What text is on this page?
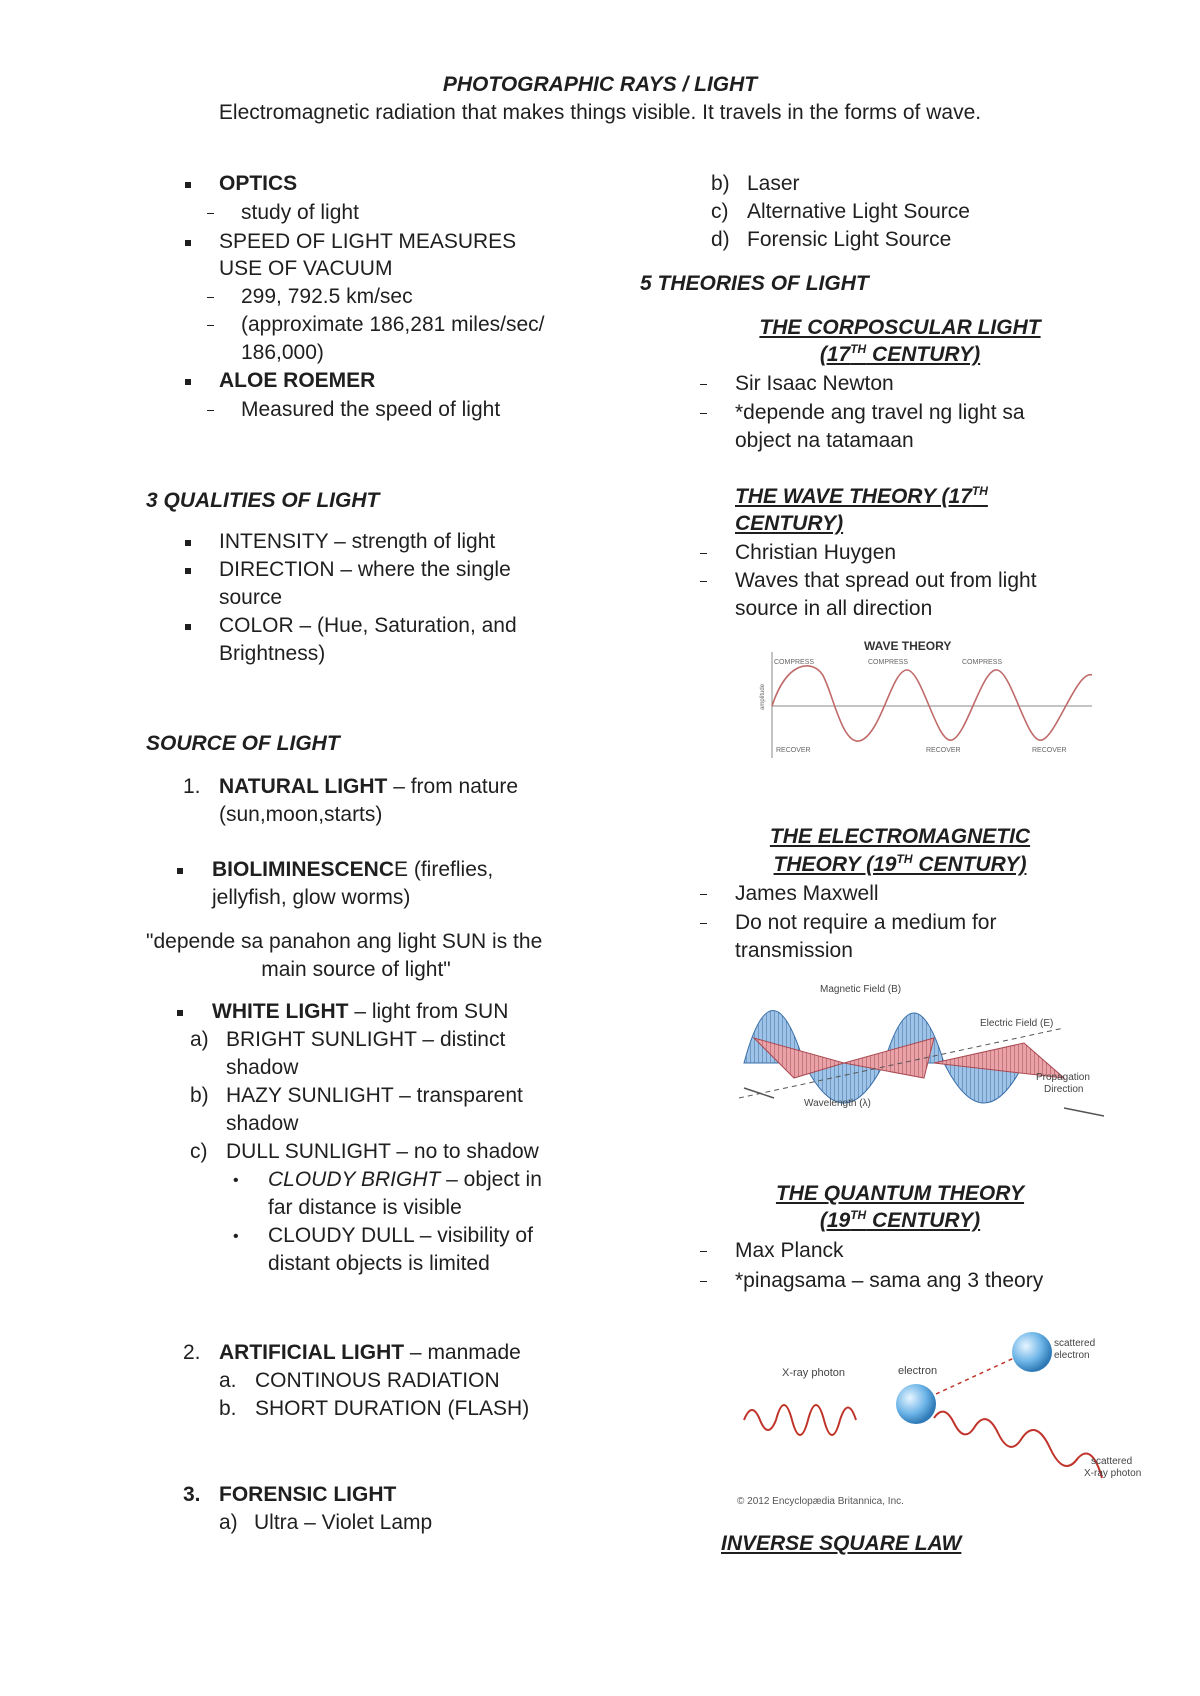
PHOTOGRAPHIC RAYS / LIGHT
Electromagnetic radiation that makes things visible. It travels in the forms of wave.
OPTICS
study of light
SPEED OF LIGHT MEASURES
USE OF VACUUM
299, 792.5 km/sec
(approximate 186,281 miles/sec/
186,000)
ALOE ROEMER
Measured the speed of light
3 QUALITIES OF LIGHT
INTENSITY – strength of light
DIRECTION – where the single
source
COLOR – (Hue, Saturation, and
Brightness)
SOURCE OF LIGHT
1. NATURAL LIGHT – from nature
(sun,moon,starts)
BIOLIMINESCENCE (fireflies,
jellyfish, glow worms)
"depende sa panahon ang light SUN is the
main source of light"
WHITE LIGHT – light from SUN
a) BRIGHT SUNLIGHT – distinct
shadow
b) HAZY SUNLIGHT – transparent
shadow
c) DULL SUNLIGHT – no to shadow
• CLOUDY BRIGHT – object in
far distance is visible
• CLOUDY DULL – visibility of
distant objects is limited
2. ARTIFICIAL LIGHT – manmade
a. CONTINOUS RADIATION
b. SHORT DURATION (FLASH)
3. FORENSIC LIGHT
a) Ultra – Violet Lamp
b) Laser
c) Alternative Light Source
d) Forensic Light Source
5 THEORIES OF LIGHT
THE CORPOSCULAR LIGHT
(17TH CENTURY)
Sir Isaac Newton
*depende ang travel ng light sa
object na tatamaan
THE WAVE THEORY (17TH
CENTURY)
Christian Huygen
Waves that spread out from light
source in all direction
THE ELECTROMAGNETIC
THEORY (19TH CENTURY)
James Maxwell
Do not require a medium for
transmission
THE QUANTUM THEORY
(19TH CENTURY)
Max Planck
*pinagsama – sama ang 3 theory
INVERSE SQUARE LAW
WAVE THEORY
COMPRESS	COMPRESS	COMPRESS
amplitude
RECOVER	RECOVER	RECOVER
Magnetic Field (B)
Electric Field (E)
Propagation
Direction
Wavelength (λ)
X-ray photon	electron
scattered
electron
scattered
X-ray photon
© 2012 Encyclopædia Britannica, Inc.
